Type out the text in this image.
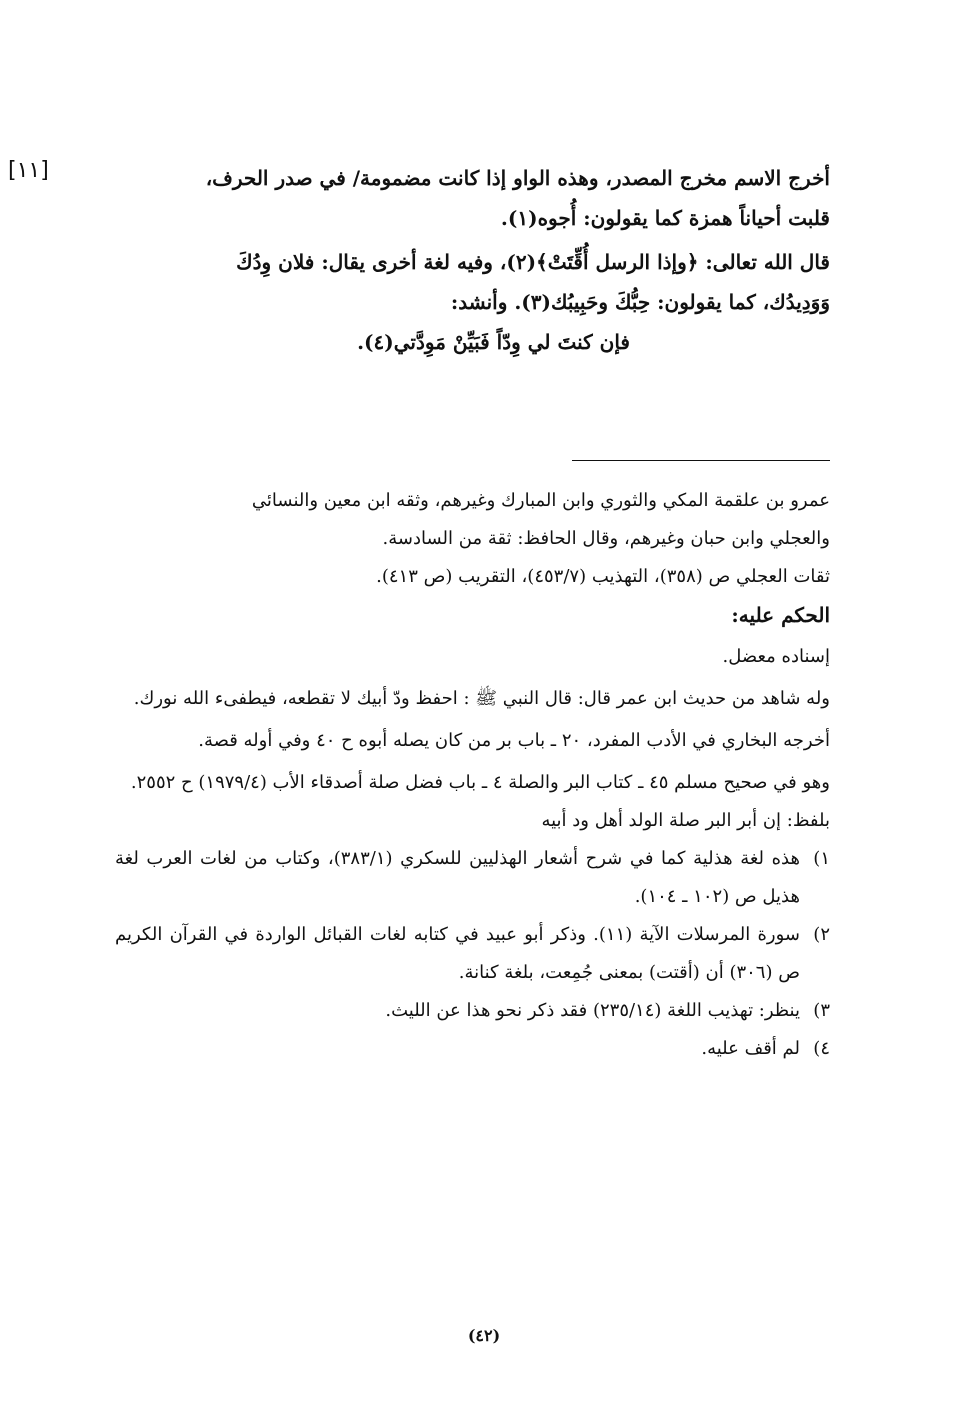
[١١]	أخرج الاسم مخرج المصدر، وهذه الواو إذا كانت مضمومة/ في صدر الحرف،

قلبت أحياناً همزة كما يقولون: أُجوه(١).

قال الله تعالى: ﴿وإذا الرسل أُقِّتَتْ﴾(٢)، وفيه لغة أخرى يقال: فلان وِدُكَ

وَوَدِيدُك، كما يقولون: حِبُّكَ وحَبِيبُك(٣). وأنشد:

فإن كنتَ لي وِدّاً فَبَيِّنْ مَوِدَّتي(٤).

عمرو بن علقمة المكي والثوري وابن المبارك وغيرهم، وثقه ابن معين والنسائي

والعجلي وابن حبان وغيرهم، وقال الحافظ: ثقة من السادسة.

ثقات العجلي ص (٣٥٨)، التهذيب (٤٥٣/٧)، التقريب (ص ٤١٣).

الحكم عليه:

إسناده معضل.

وله شاهد من حديث ابن عمر قال: قال النبي ﷺ : احفظ ودّ أبيك لا تقطعه، فيطفىء الله نورك.

أخرجه البخاري في الأدب المفرد، ٢٠ ـ باب بر من كان يصله أبوه ح ٤٠ وفي أوله قصة.

وهو في صحيح مسلم ٤٥ ـ كتاب البر والصلة ٤ ـ باب فضل صلة أصدقاء الأب (١٩٧٩/٤) ح ٢٥٥٢.

بلفظ: إن أبر البر صلة الولد أهل ود أبيه

١)
هذه لغة هذلية كما في شرح أشعار الهذليين للسكري (٣٨٣/١)، وكتاب من لغات العرب لغة هذيل ص (١٠٢ ـ ١٠٤).
٢)
سورة المرسلات الآية (١١). وذكر أبو عبيد في كتابه لغات القبائل الواردة في القرآن الكريم ص (٣٠٦) أن (أقتت) بمعنى جُمِعت، بلغة كنانة.
٣)
ينظر: تهذيب اللغة (٢٣٥/١٤) فقد ذكر نحو هذا عن الليث.
٤)
لم أقف عليه.
(٤٢)
